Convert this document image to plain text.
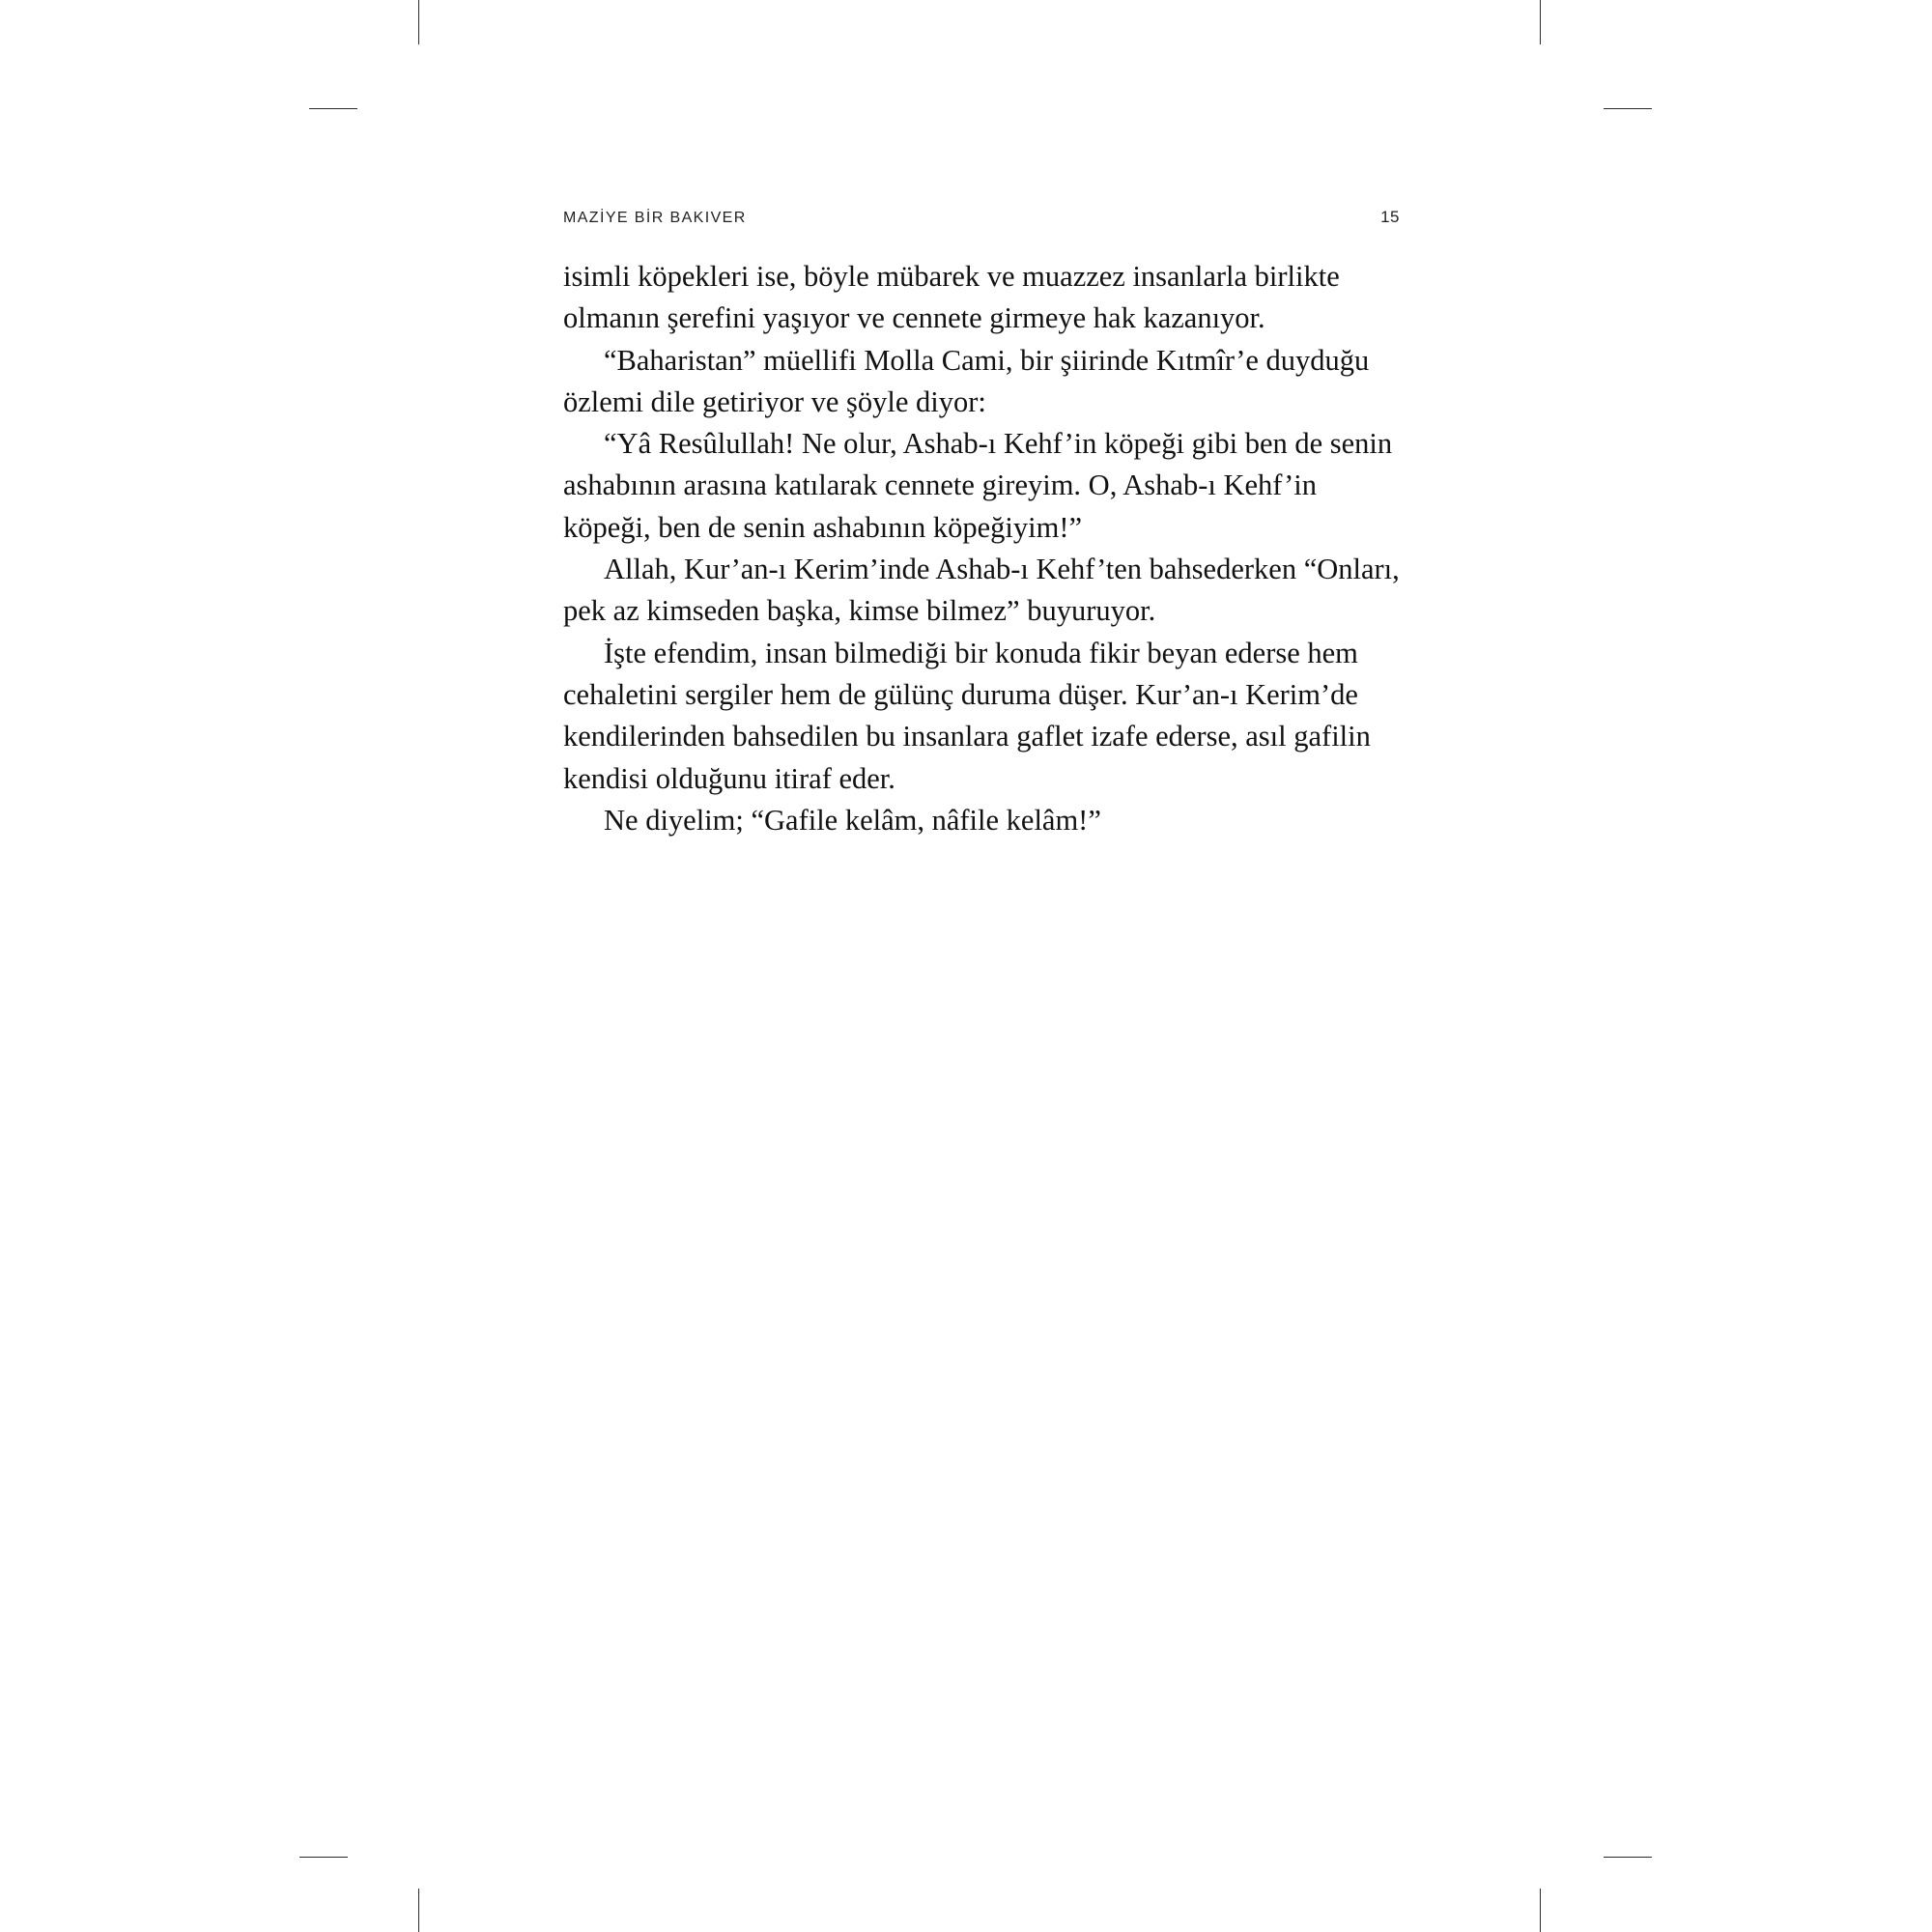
MAZİYE BİR BAKIVER	15

isimli köpekleri ise, böyle mübarek ve muazzez insanlarla birlikte olmanın şerefini yaşıyor ve cennete girmeye hak kazanıyor.

“Baharistan” müellifi Molla Cami, bir şiirinde Kıtmîr’e duyduğu özlemi dile getiriyor ve şöyle diyor:

“Yâ Resûlullah! Ne olur, Ashab-ı Kehf’in köpeği gibi ben de senin ashabının arasına katılarak cennete gireyim. O, Ashab-ı Kehf’in köpeği, ben de senin ashabının köpeğiyim!”

Allah, Kur’an-ı Kerim’inde Ashab-ı Kehf’ten bahsederken “Onları, pek az kimseden başka, kimse bilmez” buyuruyor.

İşte efendim, insan bilmediği bir konuda fikir beyan ederse hem cehaletini sergiler hem de gülünç duruma düşer. Kur’an-ı Kerim’de kendilerinden bahsedilen bu insanlara gaflet izafe ederse, asıl gafilin kendisi olduğunu itiraf eder.

Ne diyelim; “Gafile kelâm, nâfile kelâm!”
